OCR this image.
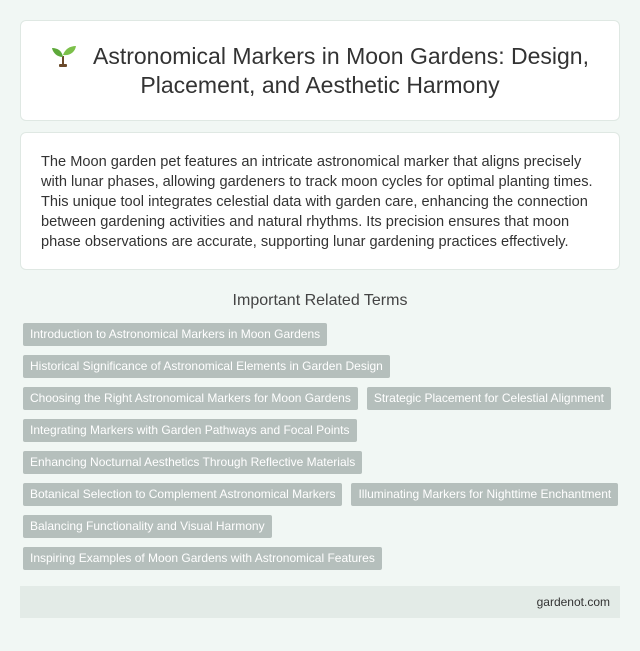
Astronomical Markers in Moon Gardens: Design, Placement, and Aesthetic Harmony

The Moon garden pet features an intricate astronomical marker that aligns precisely with lunar phases, allowing gardeners to track moon cycles for optimal planting times. This unique tool integrates celestial data with garden care, enhancing the connection between gardening activities and natural rhythms. Its precision ensures that moon phase observations are accurate, supporting lunar gardening practices effectively.

Important Related Terms
Introduction to Astronomical Markers in Moon Gardens
Historical Significance of Astronomical Elements in Garden Design
Choosing the Right Astronomical Markers for Moon Gardens	Strategic Placement for Celestial Alignment
Integrating Markers with Garden Pathways and Focal Points
Enhancing Nocturnal Aesthetics Through Reflective Materials
Botanical Selection to Complement Astronomical Markers	Illuminating Markers for Nighttime Enchantment
Balancing Functionality and Visual Harmony
Inspiring Examples of Moon Gardens with Astronomical Features
gardenot.com
